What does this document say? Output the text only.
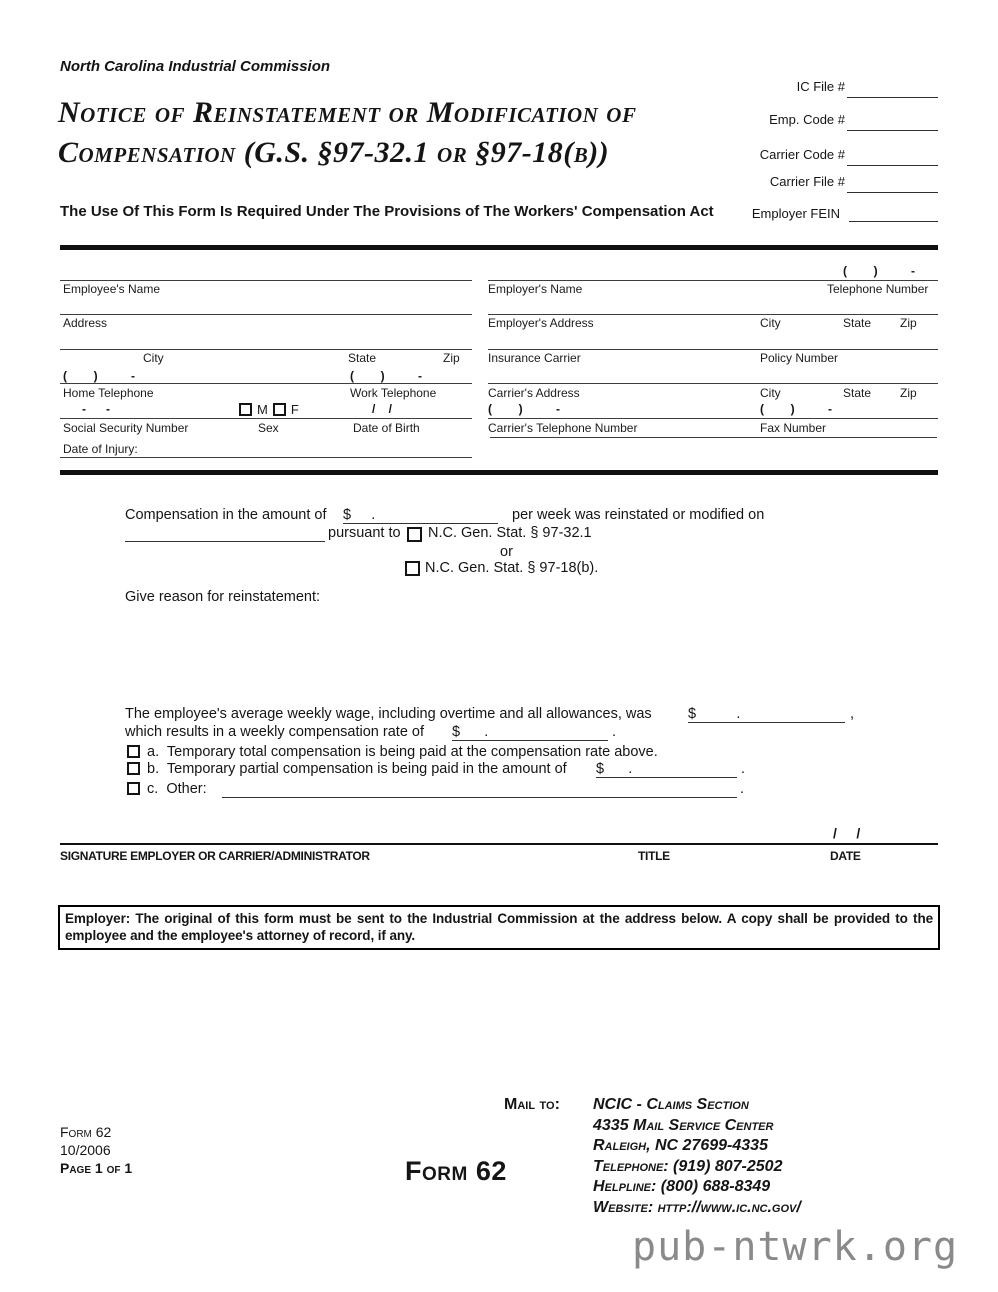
North Carolina Industrial Commission
Notice of Reinstatement or Modification of
Compensation (G.S. §97-32.1 or §97-18(b))
The Use Of This Form Is Required Under The Provisions of The Workers' Compensation Act
IC File #
Emp. Code #
Carrier Code #
Carrier File #
Employer FEIN
Employee's Name
Address
City	State	Zip
(        )          -	(        )          -
Home Telephone	Work Telephone
-      -	M F	/    /
Social Security Number	Sex	Date of Birth
Date of Injury:
(        )          -
Employer's Name	Telephone Number
Employer's Address	City	State Zip
Insurance Carrier	Policy Number
Carrier's Address	City	State Zip
(        )          -	(        )          -
Carrier's Telephone Number	Fax Number
Compensation in the amount of $     .	per week was reinstated or modified on

pursuant to N.C. Gen. Stat. § 97-32.1
or
N.C. Gen. Stat. § 97-18(b).
Give reason for reinstatement:
The employee's average weekly wage, including overtime and all allowances, was	$          .	,
which results in a weekly compensation rate of $      .	.
a.  Temporary total compensation is being paid at the compensation rate above.
b.  Temporary partial compensation is being paid in the amount of $      .	.
c.  Other:
	.
/     /
SIGNATURE EMPLOYER OR CARRIER/ADMINISTRATOR	TITLE	DATE
Employer: The original of this form must be sent to the Industrial Commission at the address below. A copy shall be provided to the employee and the employee's attorney of record, if any.
Form 62
10/2006
Page 1 of 1	Form 62
Mail to: NCIC - Claims Section
4335 Mail Service Center
Raleigh, NC 27699-4335
Telephone: (919) 807-2502
Helpline: (800) 688-8349
Website: http://www.ic.nc.gov/
pub-ntwrk.org
